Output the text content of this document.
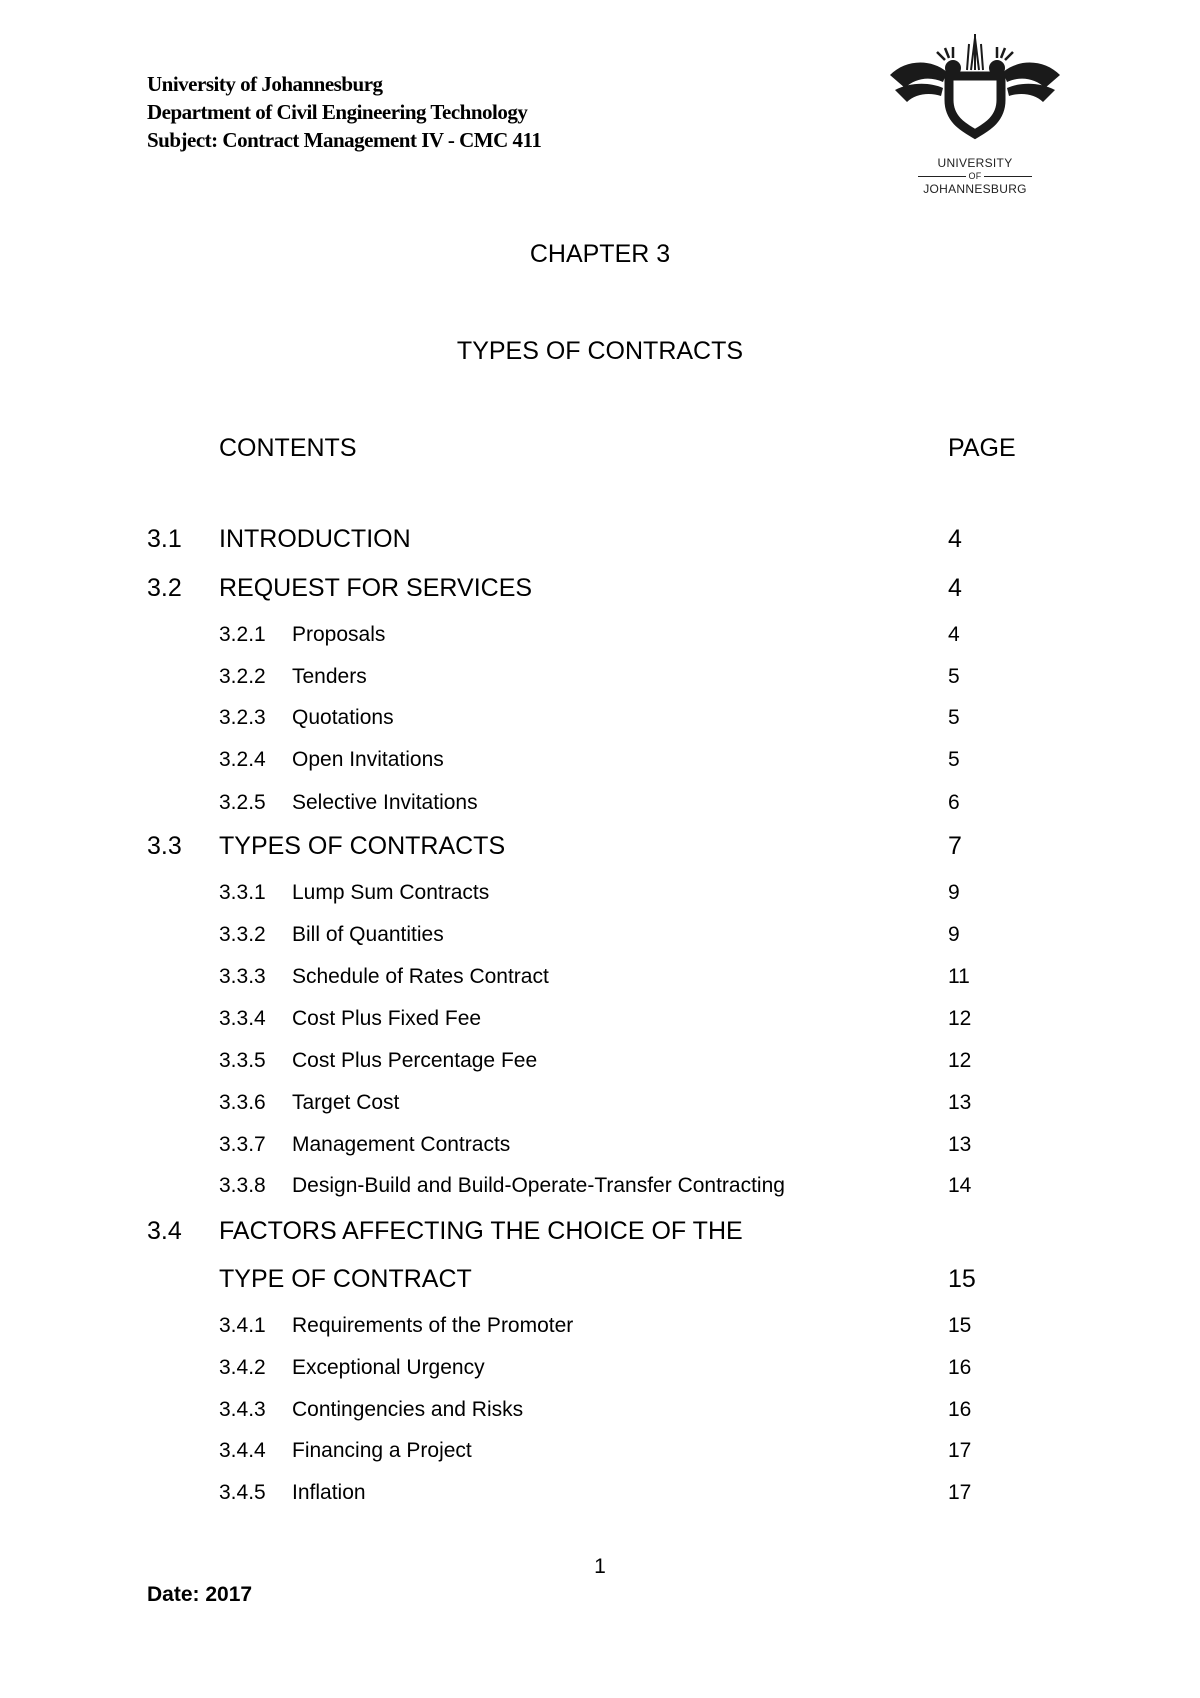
University of Johannesburg
Department of Civil Engineering Technology
Subject: Contract Management IV - CMC 411
UNIVERSITY
OF
JOHANNESBURG
CHAPTER 3
TYPES OF CONTRACTS
CONTENTS	PAGE
3.1 INTRODUCTION	4
3.2 REQUEST FOR SERVICES	4
3.2.1 Proposals	4
3.2.2 Tenders	5
3.2.3 Quotations	5
3.2.4 Open Invitations	5
3.2.5 Selective Invitations	6
3.3 TYPES OF CONTRACTS	7
3.3.1 Lump Sum Contracts	9
3.3.2 Bill of Quantities	9
3.3.3 Schedule of Rates Contract	11
3.3.4 Cost Plus Fixed Fee	12
3.3.5 Cost Plus Percentage Fee	12
3.3.6 Target Cost	13
3.3.7 Management Contracts	13
3.3.8 Design-Build and Build-Operate-Transfer Contracting	14
3.4 FACTORS AFFECTING THE CHOICE OF THE
TYPE OF CONTRACT	15
3.4.1 Requirements of the Promoter	15
3.4.2 Exceptional Urgency	16
3.4.3 Contingencies and Risks	16
3.4.4 Financing a Project	17
3.4.5 Inflation	17
1
Date: 2017
